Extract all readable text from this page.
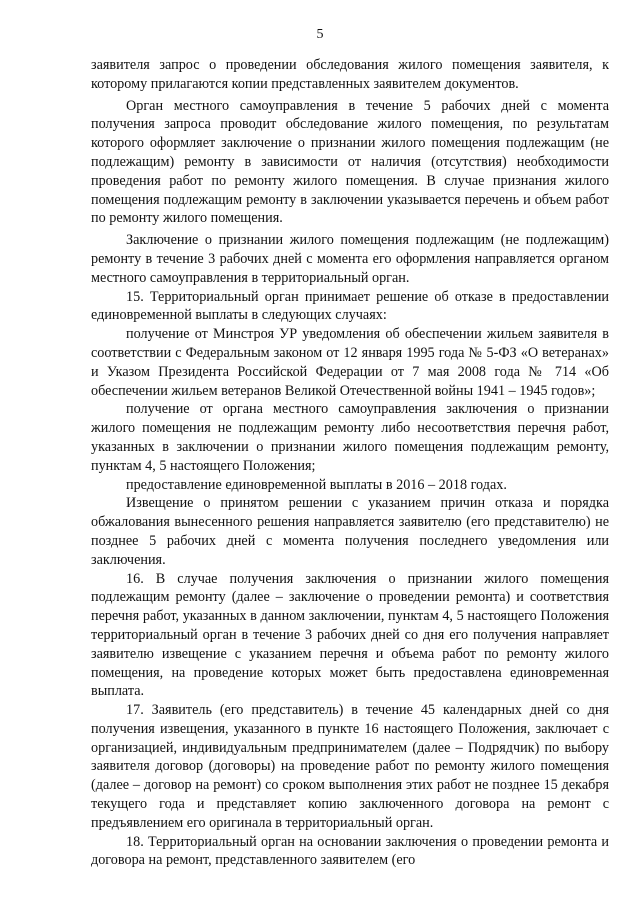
5

заявителя запрос о проведении обследования жилого помещения заявителя, к которому прилагаются копии представленных заявителем документов.

Орган местного самоуправления в течение 5 рабочих дней с момента получения запроса проводит обследование жилого помещения, по результатам которого оформляет заключение о признании жилого помещения подлежащим (не подлежащим) ремонту в зависимости от наличия (отсутствия) необходимости проведения работ по ремонту жилого помещения. В случае признания жилого помещения подлежащим ремонту в заключении указывается перечень и объем работ по ремонту жилого помещения.

Заключение о признании жилого помещения подлежащим (не подлежащим) ремонту в течение 3 рабочих дней с момента его оформления направляется органом местного самоуправления в территориальный орган.

15. Территориальный орган принимает решение об отказе в предоставлении единовременной выплаты в следующих случаях:

получение от Минстроя УР уведомления об обеспечении жильем заявителя в соответствии с Федеральным законом от 12 января 1995 года № 5-ФЗ «О ветеранах» и Указом Президента Российской Федерации от 7 мая 2008 года № 714 «Об обеспечении жильем ветеранов Великой Отечественной войны 1941 – 1945 годов»;

получение от органа местного самоуправления заключения о признании жилого помещения не подлежащим ремонту либо несоответствия перечня работ, указанных в заключении о признании жилого помещения подлежащим ремонту, пунктам 4, 5 настоящего Положения;

предоставление единовременной выплаты в 2016 – 2018 годах.

Извещение о принятом решении с указанием причин отказа и порядка обжалования вынесенного решения направляется заявителю (его представителю) не позднее 5 рабочих дней с момента получения последнего уведомления или заключения.

16. В случае получения заключения о признании жилого помещения подлежащим ремонту (далее – заключение о проведении ремонта) и соответствия перечня работ, указанных в данном заключении, пунктам 4, 5 настоящего Положения территориальный орган в течение 3 рабочих дней со дня его получения направляет заявителю извещение с указанием перечня и объема работ по ремонту жилого помещения, на проведение которых может быть предоставлена единовременная выплата.

17. Заявитель (его представитель) в течение 45 календарных дней со дня получения извещения, указанного в пункте 16 настоящего Положения, заключает с организацией, индивидуальным предпринимателем (далее – Подрядчик) по выбору заявителя договор (договоры) на проведение работ по ремонту жилого помещения (далее – договор на ремонт) со сроком выполнения этих работ не позднее 15 декабря текущего года и представляет копию заключенного договора на ремонт с предъявлением его оригинала в территориальный орган.

18. Территориальный орган на основании заключения о проведении ремонта и договора на ремонт, представленного заявителем (его
